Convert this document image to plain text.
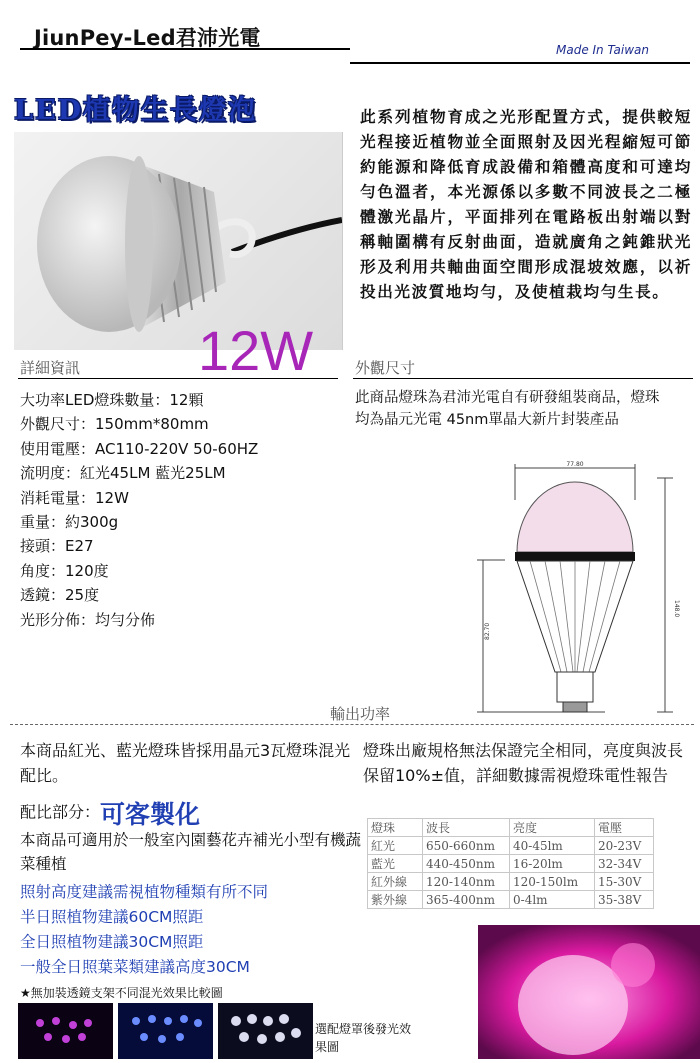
JiunPey-Led君沛光電	Made In Taiwan
LED植物生長燈泡	此系列植物育成之光形配置方式，提供較短光程接近植物並全面照射及因光程縮短可節約能源和降低育成設備和箱體高度和可達均勻色溫者，本光源係以多數不同波長之二極體激光晶片，平面排列在電路板出射端以對稱軸圍構有反射曲面，造就廣角之鈍錐狀光形及利用共軸曲面空間形成混坡效應，以祈投出光波質地均勻，及使植栽均勻生長。
12W
詳細資訊	外觀尺寸
大功率LED燈珠數量：12顆
外觀尺寸：150mm*80mm
使用電壓：AC110-220V 50-60HZ
流明度：紅光45LM 藍光25LM
消耗電量：12W
重量：約300g
接頭：E27
角度：120度
透鏡：25度
光形分佈：均勻分佈
此商品燈珠為君沛光電自有研發組裝商品，燈珠均為晶元光電 45nm單晶大新片封裝產品
77.80
148.0
82.70
輸出功率
本商品紅光、藍光燈珠皆採用晶元3瓦燈珠混光配比。
配比部分：可客製化
本商品可適用於一般室內園藝花卉補光小型有機蔬菜種植
照射高度建議需視植物種類有所不同
半日照植物建議60CM照距
全日照植物建議30CM照距
一般全日照葉菜類建議高度30CM
★無加裝透鏡支架不同混光效果比較圖
燈珠出廠規格無法保證完全相同，亮度與波長保留10%±值，詳細數據需視燈珠電性報告
燈珠	波長	亮度	電壓
紅光	650-660nm	40-45lm	20-23V
藍光	440-450nm	16-20lm	32-34V
紅外線	120-140nm	120-150lm	15-30V
紫外線	365-400nm	0-4lm	35-38V
選配燈罩後發光效果圖
